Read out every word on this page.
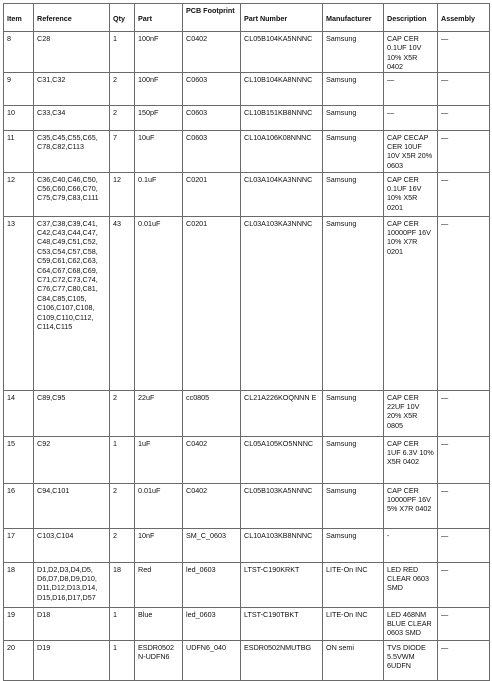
Item	Reference	Qty	Part	PCB Footprint	Part Number	Manufacturer	Description	Assembly
8	C28	1	100nF	C0402	CL05B104KA5NNNC	Samsung	CAP CER 0.1UF 10V 10% X5R 0402	—
9	C31,C32	2	100nF	C0603	CL10B104KA8NNNC	Samsung	—	—
10	C33,C34	2	150pF	C0603	CL10B151KB8NNNC	Samsung	—	—
11	C35,C45,C55,C65, C78,C82,C113	7	10uF	C0603	CL10A106K08NNNC	Samsung	CAP CECAP CER 10UF 10V X5R 20% 0603	—
12	C36,C40,C46,C50, C56,C60,C66,C70, C75,C79,C83,C111	12	0.1uF	C0201	CL03A104KA3NNNC	Samsung	CAP CER 0.1UF 16V 10% X5R 0201	—
13	C37,C38,C39,C41, C42,C43,C44,C47, C48,C49,C51,C52, C53,C54,C57,C58, C59,C61,C62,C63, C64,C67,C68,C69, C71,C72,C73,C74, C76,C77,C80,C81, C84,C85,C105, C106,C107,C108, C109,C110,C112, C114,C115	43	0.01uF	C0201	CL03A103KA3NNNC	Samsung	CAP CER 10000PF 16V 10% X7R 0201	—
14	C89,C95	2	22uF	cc0805	CL21A226KOQNNN E	Samsung	CAP CER 22UF 10V 20% X5R 0805	—
15	C92	1	1uF	C0402	CL05A105KO5NNNC	Samsung	CAP CER 1UF 6.3V 10% X5R 0402	—
16	C94,C101	2	0.01uF	C0402	CL05B103KA5NNNC	Samsung	CAP CER 10000PF 16V 5% X7R 0402	—
17	C103,C104	2	10nF	SM_C_0603	CL10A103KB8NNNC	Samsung	-	—
18	D1,D2,D3,D4,D5, D6,D7,D8,D9,D10, D11,D12,D13,D14, D15,D16,D17,D57	18	Red	led_0603	LTST-C190KRKT	LITE-On INC	LED RED CLEAR 0603 SMD	—
19	D18	1	Blue	led_0603	LTST-C190TBKT	LITE-On INC	LED 468NM BLUE CLEAR 0603 SMD	—
20	D19	1	ESDR0502 N-UDFN6	UDFN6_040	ESDR0502NMUTBG	ON semi	TVS DIODE 5.5VWM 6UDFN	—
